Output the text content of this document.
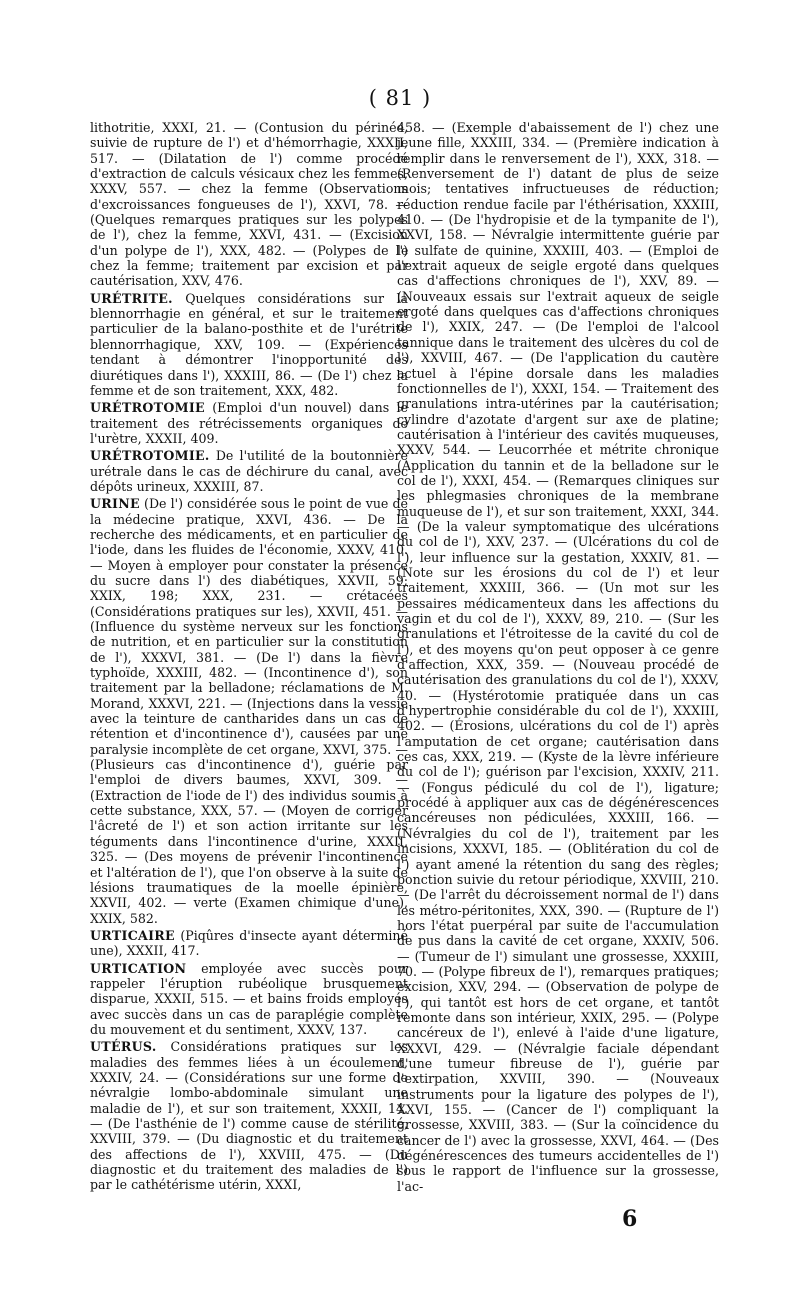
( 81 )

lithotritie, XXXI, 21. — (Contusion du périnée, suivie de rupture de l') et d'hémorrhagie, XXXII, 517. — (Dilatation de l') comme procédé d'extraction de calculs vésicaux chez les femmes, XXXV, 557. — chez la femme (Observations d'excroissances fongueuses de l'), XXVI, 78. — (Quelques remarques pratiques sur les polypes de l'), chez la femme, XXVI, 431. — (Excision d'un polype de l'), XXX, 482. — (Polypes de l') chez la femme; traitement par excision et par cautérisation, XXV, 476.

URÉTRITE. Quelques considérations sur la blennorrhagie en général, et sur le traitement particulier de la balano-posthite et de l'urétrite blennorrhagique, XXV, 109. — (Expériences tendant à démontrer l'inopportunité des diurétiques dans l'), XXXIII, 86. — (De l') chez la femme et de son traitement, XXX, 482.

URÉTROTOMIE (Emploi d'un nouvel) dans le traitement des rétrécissements organiques de l'urètre, XXXII, 409.

URÉTROTOMIE. De l'utilité de la boutonnière urétrale dans le cas de déchirure du canal, avec dépôts urineux, XXXIII, 87.

URINE (De l') considérée sous le point de vue de la médecine pratique, XXVI, 436. — De la recherche des médicaments, et en particulier de l'iode, dans les fluides de l'économie, XXXV, 410. — Moyen à employer pour constater la présence du sucre dans l') des diabétiques, XXVII, 59; XXIX, 198; XXX, 231. — crétacées (Considérations pratiques sur les), XXVII, 451. — (Influence du système nerveux sur les fonctions de nutrition, et en particulier sur la constitution de l'), XXXVI, 381. — (De l') dans la fièvre typhoïde, XXXIII, 482. — (Incontinence d'), son traitement par la belladone; réclamations de M. Morand, XXXVI, 221. — (Injections dans la vessie avec la teinture de cantharides dans un cas de rétention et d'incontinence d'), causées par une paralysie incomplète de cet organe, XXVI, 375. — (Plusieurs cas d'incontinence d'), guérie par l'emploi de divers baumes, XXVI, 309. — (Extraction de l'iode de l') des individus soumis à cette substance, XXX, 57. — (Moyen de corriger l'âcreté de l') et son action irritante sur les téguments dans l'incontinence d'urine, XXXII, 325. — (Des moyens de prévenir l'incontinence et l'altération de l'), que l'on observe à la suite de lésions traumatiques de la moelle épinière, XXVII, 402. — verte (Examen chimique d'une), XXIX, 582.

URTICAIRE (Piqûres d'insecte ayant déterminé une), XXXII, 417.

URTICATION employée avec succès pour rappeler l'éruption rubéolique brusquement disparue, XXXII, 515. — et bains froids employés avec succès dans un cas de paraplégie complète du mouvement et du sentiment, XXXV, 137.

UTÉRUS. Considérations pratiques sur les maladies des femmes liées à un écoulement, XXXIV, 24. — (Considérations sur une forme de névralgie lombo-abdominale simulant une maladie de l'), et sur son traitement, XXXII, 14. — (De l'asthénie de l') comme cause de stérilité, XXVIII, 379. — (Du diagnostic et du traitement des affections de l'), XXVIII, 475. — (Du diagnostic et du traitement des maladies de l') par le cathétérisme utérin, XXXI,

458. — (Exemple d'abaissement de l') chez une jeune fille, XXXIII, 334. — (Première indication à remplir dans le renversement de l'), XXX, 318. — (Renversement de l') datant de plus de seize mois; tentatives infructueuses de réduction; réduction rendue facile par l'éthérisation, XXXIII, 410. — (De l'hydropisie et de la tympanite de l'), XXVI, 158. — Névralgie intermittente guérie par le sulfate de quinine, XXXIII, 403. — (Emploi de l'extrait aqueux de seigle ergoté dans quelques cas d'affections chroniques de l'), XXV, 89. — (Nouveaux essais sur l'extrait aqueux de seigle ergoté dans quelques cas d'affections chroniques de l'), XXIX, 247. — (De l'emploi de l'alcool tannique dans le traitement des ulcères du col de l'), XXVIII, 467. — (De l'application du cautère actuel à l'épine dorsale dans les maladies fonctionnelles de l'), XXXI, 154. — Traitement des granulations intra-utérines par la cautérisation; cylindre d'azotate d'argent sur axe de platine; cautérisation à l'intérieur des cavités muqueuses, XXXV, 544. — Leucorrhée et métrite chronique (Application du tannin et de la belladone sur le col de l'), XXXI, 454. — (Remarques cliniques sur les phlegmasies chroniques de la membrane muqueuse de l'), et sur son traitement, XXXI, 344. — (De la valeur symptomatique des ulcérations du col de l'), XXV, 237. — (Ulcérations du col de l'), leur influence sur la gestation, XXXIV, 81. — (Note sur les érosions du col de l') et leur traitement, XXXIII, 366. — (Un mot sur les pessaires médicamenteux dans les affections du vagin et du col de l'), XXXV, 89, 210. — (Sur les granulations et l'étroitesse de la cavité du col de l'), et des moyens qu'on peut opposer à ce genre d'affection, XXX, 359. — (Nouveau procédé de cautérisation des granulations du col de l'), XXXV, 40. — (Hystérotomie pratiquée dans un cas d'hypertrophie considérable du col de l'), XXXIII, 402. — (Érosions, ulcérations du col de l') après l'amputation de cet organe; cautérisation dans ces cas, XXX, 219. — (Kyste de la lèvre inférieure du col de l'); guérison par l'excision, XXXIV, 211. — (Fongus pédiculé du col de l'), ligature; procédé à appliquer aux cas de dégénérescences cancéreuses non pédiculées, XXXIII, 166. — (Névralgies du col de l'), traitement par les incisions, XXXVI, 185. — (Oblitération du col de l') ayant amené la rétention du sang des règles; ponction suivie du retour périodique, XXVIII, 210. — (De l'arrêt du décroissement normal de l') dans les métro-péritonites, XXX, 390. — (Rupture de l') hors l'état puerpéral par suite de l'accumulation de pus dans la cavité de cet organe, XXXIV, 506. — (Tumeur de l') simulant une grossesse, XXXIII, 70. — (Polype fibreux de l'), remarques pratiques; excision, XXV, 294. — (Observation de polype de l'), qui tantôt est hors de cet organe, et tantôt remonte dans son intérieur, XXIX, 295. — (Polype cancéreux de l'), enlevé à l'aide d'une ligature, XXXVI, 429. — (Névralgie faciale dépendant d'une tumeur fibreuse de l'), guérie par l'extirpation, XXVIII, 390. — (Nouveaux instruments pour la ligature des polypes de l'), XXVI, 155. — (Cancer de l') compliquant la grossesse, XXVIII, 383. — (Sur la coïncidence du cancer de l') avec la grossesse, XXVI, 464. — (Des dégénérescences des tumeurs accidentelles de l') sous le rapport de l'influence sur la grossesse, l'ac-

6
